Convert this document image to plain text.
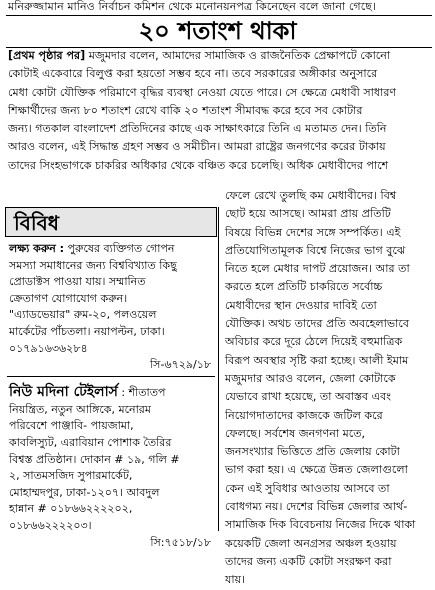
মনিরুজ্জামান মানিও নির্বাচন কমিশন থেকে মনোনয়নপত্র কিনেছেন বলে জানা গেছে।
২০ শতাংশ থাকা
[প্রথম পৃষ্ঠার পর] মজুমদার বলেন, আমাদের সামাজিক ও রাজনৈতিক প্রেক্ষাপটে কোনো
কোটাই একেবারে বিলুপ্ত করা হয়তো সম্ভব হবে না। তবে সরকারের অঙ্গীকার অনুসারে
মেধা কোটা যৌক্তিক পরিমাণে বৃদ্ধির ব্যবস্থা নেওয়া যেতে পারে। সে ক্ষেত্রে মেধাবী সাধারণ
শিক্ষার্থীদের জন্য ৮০ শতাংশ রেখে বাকি ২০ শতাংশ সীমাবদ্ধ করে হবে সব কোটার
জন্য। গতকাল বাংলাদেশ প্রতিদিনের কাছে এক সাক্ষাৎকারে তিনি এ মতামত দেন। তিনি
আরও বলেন, এই সিদ্ধান্ত গ্রহণ সম্ভব ও সমীচীন। আমরা রাষ্ট্রের জনগণের করের টাকায়
তাদের সিংহভাগকে চাকরির অধিকার থেকে বঞ্চিত করে চলেছি। অধিক মেধাবীদের পাশে
বিবিধ
লক্ষ্য করুন : পুরুষের ব্যক্তিগত গোপন
সমস্যা সমাধানের জন্য বিশ্ববিখ্যাত কিছু
প্রোডাক্টস পাওয়া যায়। সম্মানিত
ক্রেতাগণ যোগাযোগ করুন।
"এ্যাডভেয়ার" রুম-২০, পলওয়েল
মার্কেটের পাঁচতলা। নয়াপল্টন, ঢাকা।
০১৭৯১৬৩৬২৮৪
সি-৬৭২৯/১৮
নিউ মদিনা টেইলার্স : শীতাতপ
নিয়ন্ত্রিত, নতুন আঙ্গিকে, মনোরম
পরিবেশে পাঞ্জাবি- পায়জামা,
কাবলিস্যুট, এরাবিয়ান পোশাক তৈরির
বিশ্বস্ত প্রতিষ্ঠান। দোকান # ১৯, গলি #
২, সাতমসজিদ সুপারমার্কেট,
মোহাম্মদপুর, ঢাকা-১২০৭। আবদুল
হান্নান # ০১৮৬৬২২২২০২,
০১৮৬৬২২২২০৩।
সি:৭৫১৮/১৮
ফেলে রেখে তুলছি কম মেধাবীদের। বিশ্ব
ছোট হয়ে আসছে। আমরা প্রায় প্রতিটি
বিষয়ে বিভিন্ন দেশের সঙ্গে সম্পর্কিত। এই
প্রতিযোগিতামূলক বিশ্বে নিজের ভাগ বুঝে
নিতে হলে মেধার দাপট প্রয়োজন। আর তা
করতে হলে প্রতিটি চাকরিতে সর্বোচ্চ
মেধাবীদের স্থান দেওয়ার দাবিই তো
যৌক্তিক। অথচ তাদের প্রতি অবহেলাভাবে
অবিচার করে দূরে ঠেলে দিয়েই বহুমাত্রিক
বিরূপ অবস্থার সৃষ্টি করা হচ্ছে। আলী ইমাম
মজুমদার আরও বলেন, জেলা কোটাকে
যেভাবে রাখা হয়েছে, তা অবাস্তব এবং
নিয়োগদাতাদের কাজকে জটিল করে
ফেলছে। সর্বশেষ জনগণনা মতে,
জনসংখ্যার ভিত্তিতে প্রতি জেলায় কোটা
ভাগ করা হয়। এ ক্ষেত্রে উন্নত জেলাগুলো
কেন এই সুবিধার আওতায় আসবে তা
বোধগম্য নয়। দেশের বিভিন্ন জেলার আর্থ-
সামাজিক দিক বিবেচনায় নিজের দিকে থাকা
কয়েকটি জেলা অনগ্রসর অঞ্চল হওয়ায়
তাদের জন্য একটি কোটা সংরক্ষণ করা
যায়।
